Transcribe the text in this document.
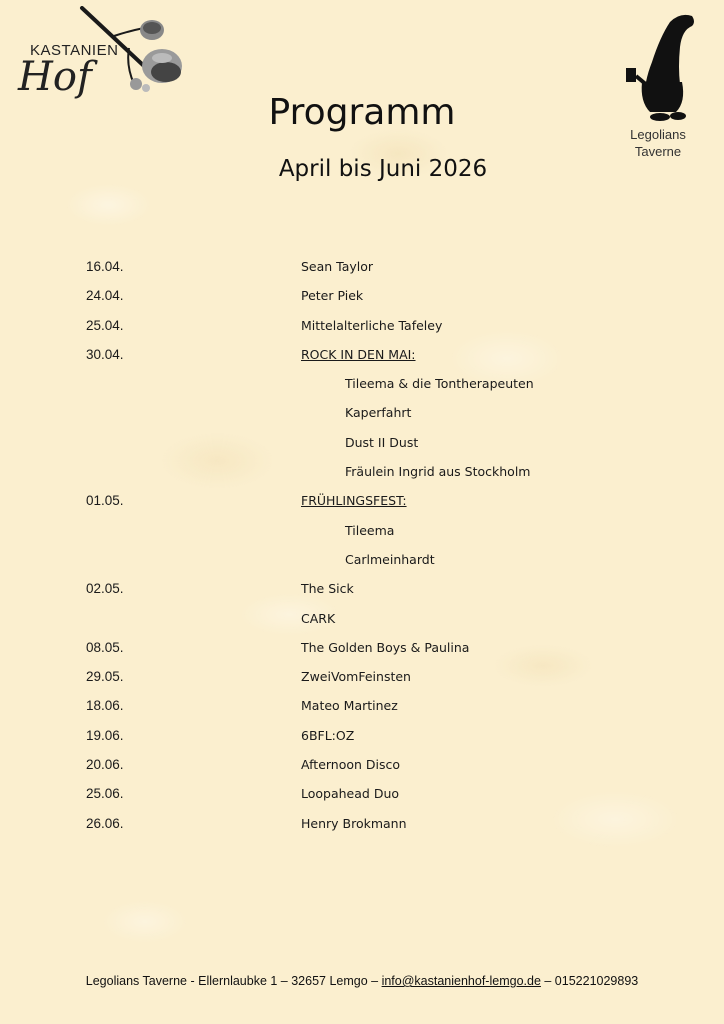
KASTANIEN
Hof
Legolians
Taverne
Programm
April bis Juni 2026
16.04.	Sean Taylor
24.04.	Peter Piek
25.04.	Mittelalterliche Tafeley
30.04.	ROCK IN DEN MAI:
Tileema & die Tontherapeuten
Kaperfahrt
Dust II Dust
Fräulein Ingrid aus Stockholm
01.05.	FRÜHLINGSFEST:
Tileema
Carlmeinhardt
02.05.	The Sick
CARK
08.05.	The Golden Boys & Paulina
29.05.	ZweiVomFeinsten
18.06.	Mateo Martinez
19.06.	6BFL:OZ
20.06.	Afternoon Disco
25.06.	Loopahead Duo
26.06.	Henry Brokmann
Legolians Taverne - Ellernlaubke 1 – 32657 Lemgo – info@kastanienhof-lemgo.de – 015221029893
